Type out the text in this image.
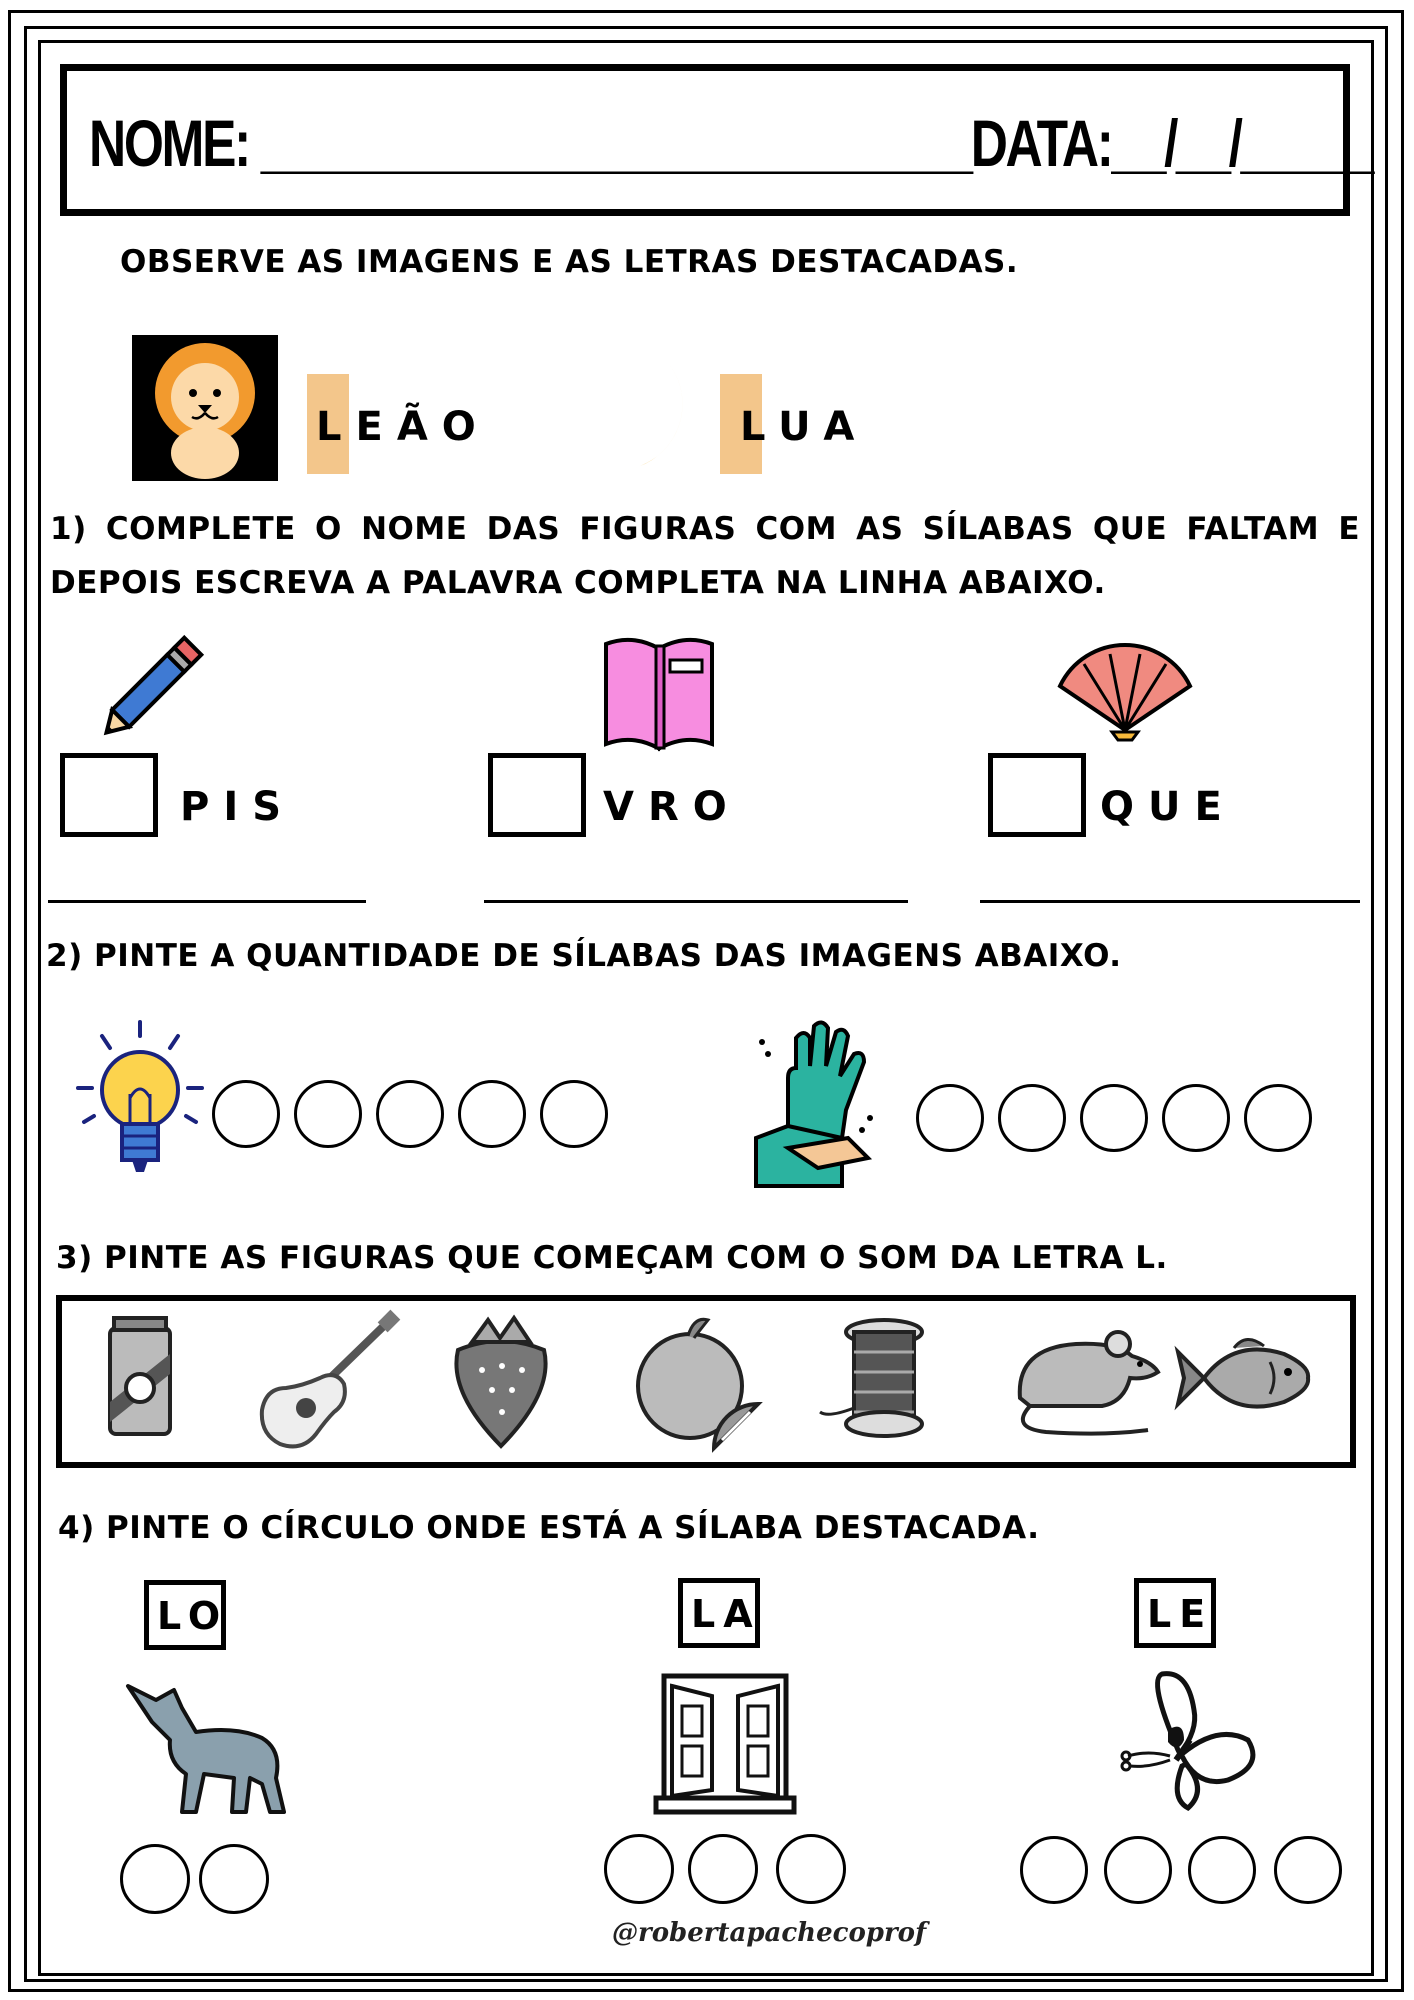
NOME: ___________________________DATA:__/__/_____
OBSERVE AS IMAGENS E AS LETRAS DESTACADAS.
LEÃO	LUA
1) COMPLETE O NOME DAS FIGURAS COM AS SÍLABAS QUE FALTAM E DEPOIS ESCREVA A PALAVRA COMPLETA NA LINHA ABAIXO.
PIS	VRO	QUE
2) PINTE A QUANTIDADE DE SÍLABAS DAS IMAGENS ABAIXO.
3) PINTE AS FIGURAS QUE COMEÇAM COM O SOM DA LETRA L.
4) PINTE O CÍRCULO ONDE ESTÁ A SÍLABA DESTACADA.
LO	LA	LE
@robertapachecoprof
